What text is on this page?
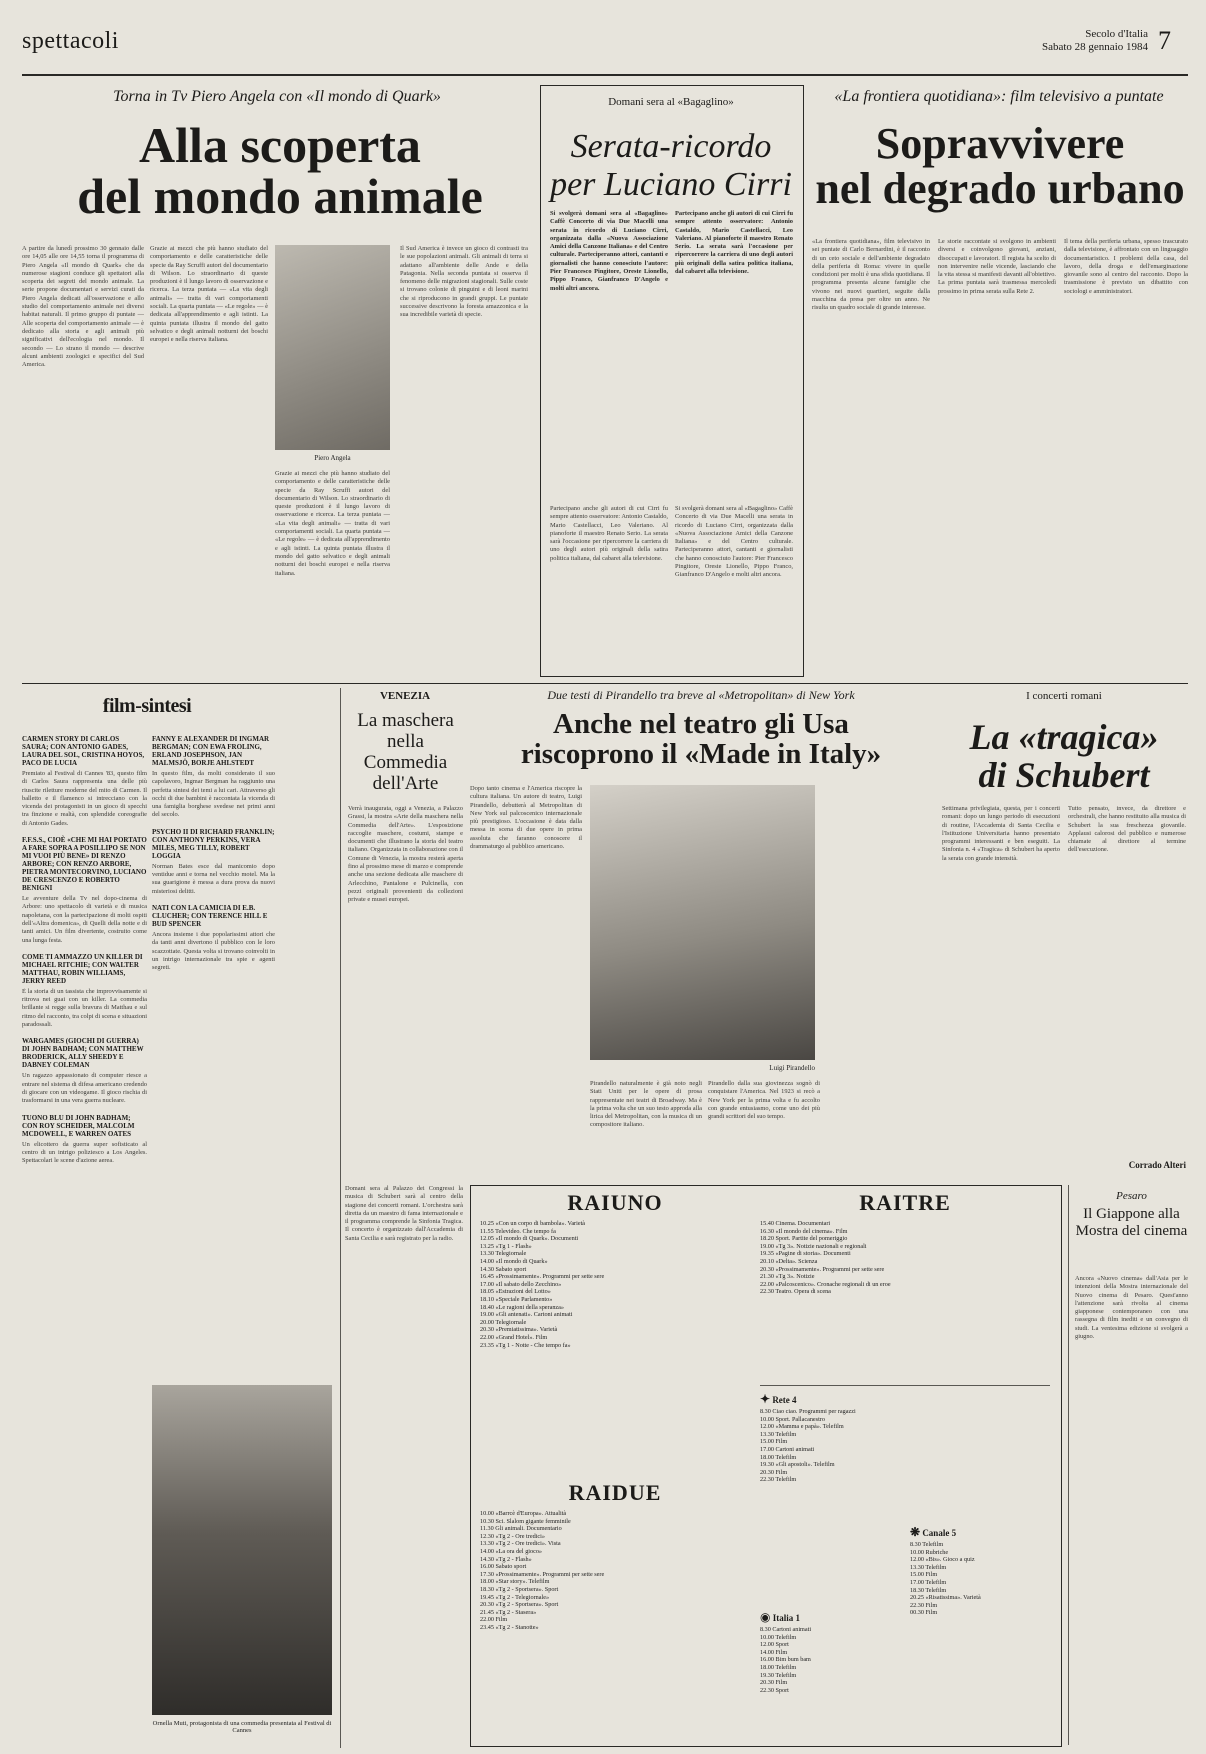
spettacoli	Secolo d'Italia
Sabato 28 gennaio 1984 7
Torna in Tv Piero Angela con «Il mondo di Quark»
Alla scoperta
del mondo animale
A partire da lunedì prossimo 30 gennaio dalle ore 14,05 alle ore 14,55 torna il programma di Piero Angela «Il mondo di Quark» che da numerose stagioni conduce gli spettatori alla scoperta dei segreti del mondo animale. La serie propone documentari e servizi curati da Piero Angela dedicati all'osservazione e allo studio del comportamento animale nei diversi habitat naturali. Il primo gruppo di puntate — Alle scoperta del comportamento animale — è dedicato alla storia e agli animali più significativi dell'ecologia nel mondo. Il secondo — Lo strano il mondo — descrive alcuni ambienti zoologici e specifici del Sud America.
Grazie ai mezzi che più hanno studiato del comportamento e delle caratteristiche delle specie da Ray Scruffi autori del documentario di Wilson. Lo straordinario di queste produzioni è il lungo lavoro di osservazione e ricerca. La terza puntata — «La vita degli animali» — tratta di vari comportamenti sociali. La quarta puntata — «Le regole» — è dedicata all'apprendimento e agli istinti. La quinta puntata illustra il mondo del gatto selvatico e degli animali notturni dei boschi europei e nella riserva italiana.
Piero Angela
Grazie ai mezzi che più hanno studiato del comportamento e delle caratteristiche delle specie da Ray Scruffi autori del documentario di Wilson. Lo straordinario di queste produzioni è il lungo lavoro di osservazione e ricerca. La terza puntata — «La vita degli animali» — tratta di vari comportamenti sociali. La quarta puntata — «Le regole» — è dedicata all'apprendimento e agli istinti. La quinta puntata illustra il mondo del gatto selvatico e degli animali notturni dei boschi europei e nella riserva italiana.
Il Sud America è invece un gioco di contrasti tra le sue popolazioni animali. Gli animali di terra si adattano all'ambiente delle Ande e della Patagonia. Nella seconda puntata si osserva il fenomeno delle migrazioni stagionali. Sulle coste si trovano colonie di pinguini e di leoni marini che si riproducono in grandi gruppi. Le puntate successive descrivono la foresta amazzonica e la sua incredibile varietà di specie.
Domani sera al «Bagaglino»
Serata-ricordo
per Luciano Cirri
Si svolgerà domani sera al «Bagaglino» Caffè Concerto di via Due Macelli una serata in ricordo di Luciano Cirri, organizzata dalla «Nuova Associazione Amici della Canzone Italiana» e del Centro culturale. Parteciperanno attori, cantanti e giornalisti che hanno conosciuto l'autore: Pier Francesco Pingitore, Oreste Lionello, Pippo Franco, Gianfranco D'Angelo e molti altri ancora.
Partecipano anche gli autori di cui Cirri fu sempre attento osservatore: Antonio Castaldo, Mario Castellacci, Leo Valeriano. Al pianoforte il maestro Renato Serio. La serata sarà l'occasione per ripercorrere la carriera di uno degli autori più originali della satira politica italiana, dal cabaret alla televisione.
Partecipano anche gli autori di cui Cirri fu sempre attento osservatore: Antonio Castaldo, Mario Castellacci, Leo Valeriano. Al pianoforte il maestro Renato Serio. La serata sarà l'occasione per ripercorrere la carriera di uno degli autori più originali della satira politica italiana, dal cabaret alla televisione.
Si svolgerà domani sera al «Bagaglino» Caffè Concerto di via Due Macelli una serata in ricordo di Luciano Cirri, organizzata dalla «Nuova Associazione Amici della Canzone Italiana» e del Centro culturale. Parteciperanno attori, cantanti e giornalisti che hanno conosciuto l'autore: Pier Francesco Pingitore, Oreste Lionello, Pippo Franco, Gianfranco D'Angelo e molti altri ancora.
«La frontiera quotidiana»: film televisivo a puntate
Sopravvivere
nel degrado urbano
«La frontiera quotidiana», film televisivo in sei puntate di Carlo Bernardini, è il racconto di un ceto sociale e dell'ambiente degradato della periferia di Roma: vivere in quelle condizioni per molti è una sfida quotidiana. Il programma presenta alcune famiglie che vivono nei nuovi quartieri, seguite dalla macchina da presa per oltre un anno. Ne risulta un quadro sociale di grande interesse.
Le storie raccontate si svolgono in ambienti diversi e coinvolgono giovani, anziani, disoccupati e lavoratori. Il regista ha scelto di non intervenire nelle vicende, lasciando che la vita stessa si manifesti davanti all'obiettivo. La prima puntata sarà trasmessa mercoledì prossimo in prima serata sulla Rete 2.
Il tema della periferia urbana, spesso trascurato dalla televisione, è affrontato con un linguaggio documentaristico. I problemi della casa, del lavoro, della droga e dell'emarginazione giovanile sono al centro del racconto. Dopo la trasmissione è previsto un dibattito con sociologi e amministratori.
film-sintesi
CARMEN STORY DI CARLOS SAURA; CON ANTONIO GADES, LAURA DEL SOL, CRISTINA HOYOS, PACO DE LUCIA
Premiato al Festival di Cannes '83, questo film di Carlos Saura rappresenta una delle più riuscite riletture moderne del mito di Carmen. Il balletto e il flamenco si intrecciano con la vicenda dei protagonisti in un gioco di specchi tra finzione e realtà, con splendide coreografie di Antonio Gades.
F.F.S.S., CIOÈ «CHE MI HAI PORTATO A FARE SOPRA A POSILLIPO SE NON MI VUOI PIÙ BENE» DI RENZO ARBORE; CON RENZO ARBORE, PIETRA MONTECORVINO, LUCIANO DE CRESCENZO E ROBERTO BENIGNI
Le avventure della Tv nel dopo-cinema di Arbore: uno spettacolo di varietà e di musica napoletana, con la partecipazione di molti ospiti dell'«Altra domenica», di Quelli della notte e di tanti amici. Un film divertente, costruito come una lunga festa.
COME TI AMMAZZO UN KILLER DI MICHAEL RITCHIE; CON WALTER MATTHAU, ROBIN WILLIAMS, JERRY REED
È la storia di un tassista che improvvisamente si ritrova nei guai con un killer. La commedia brillante si regge sulla bravura di Matthau e sul ritmo del racconto, tra colpi di scena e situazioni paradossali.
WARGAMES (GIOCHI DI GUERRA) DI JOHN BADHAM; CON MATTHEW BRODERICK, ALLY SHEEDY E DABNEY COLEMAN
Un ragazzo appassionato di computer riesce a entrare nel sistema di difesa americano credendo di giocare con un videogame. Il gioco rischia di trasformarsi in una vera guerra nucleare.
TUONO BLU DI JOHN BADHAM; CON ROY SCHEIDER, MALCOLM MCDOWELL, E WARREN OATES
Un elicottero da guerra super sofisticato al centro di un intrigo poliziesco a Los Angeles. Spettacolari le scene d'azione aerea.
FANNY E ALEXANDER DI INGMAR BERGMAN; CON EWA FROLING, ERLAND JOSEPHSON, JAN MALMSJÖ, BORJE AHLSTEDT
In questo film, da molti considerato il suo capolavoro, Ingmar Bergman ha raggiunto una perfetta sintesi dei temi a lui cari. Attraverso gli occhi di due bambini è raccontata la vicenda di una famiglia borghese svedese nei primi anni del secolo.
PSYCHO II DI RICHARD FRANKLIN; CON ANTHONY PERKINS, VERA MILES, MEG TILLY, ROBERT LOGGIA
Norman Bates esce dal manicomio dopo ventidue anni e torna nel vecchio motel. Ma la sua guarigione è messa a dura prova da nuovi misteriosi delitti.
NATI CON LA CAMICIA DI E.B. CLUCHER; CON TERENCE HILL E BUD SPENCER
Ancora insieme i due popolarissimi attori che da tanti anni divertono il pubblico con le loro scazzottate. Questa volta si trovano coinvolti in un intrigo internazionale tra spie e agenti segreti.
Ornella Muti, protagonista di una commedia presentata al Festival di Cannes
VENEZIA
La maschera nella Commedia dell'Arte
Verrà inaugurata, oggi a Venezia, a Palazzo Grassi, la mostra «Arte della maschera nella Commedia dell'Arte». L'esposizione raccoglie maschere, costumi, stampe e documenti che illustrano la storia del teatro italiano. Organizzata in collaborazione con il Comune di Venezia, la mostra resterà aperta fino al prossimo mese di marzo e comprende anche una sezione dedicata alle maschere di Arlecchino, Pantalone e Pulcinella, con pezzi originali provenienti da collezioni private e musei europei.
Due testi di Pirandello tra breve al «Metropolitan» di New York
Anche nel teatro gli Usa
riscoprono il «Made in Italy»
Dopo tanto cinema e l'America riscopre la cultura italiana. Un autore di teatro, Luigi Pirandello, debutterà al Metropolitan di New York sul palcoscenico internazionale più prestigioso. L'occasione è data dalla messa in scena di due opere in prima assoluta che faranno conoscere il drammaturgo al pubblico americano.
Luigi Pirandello
Pirandello naturalmente è già noto negli Stati Uniti per le opere di prosa rappresentate nei teatri di Broadway. Ma è la prima volta che un suo testo approda alla lirica del Metropolitan, con la musica di un compositore italiano.
Pirandello dalla sua giovinezza sognò di conquistare l'America. Nel 1923 si recò a New York per la prima volta e fu accolto con grande entusiasmo, come uno dei più grandi scrittori del suo tempo.
I concerti romani
La «tragica»
di Schubert
Settimana privilegiata, questa, per i concerti romani: dopo un lungo periodo di esecuzioni di routine, l'Accademia di Santa Cecilia e l'Istituzione Universitaria hanno presentato programmi interessanti e ben eseguiti. La Sinfonia n. 4 «Tragica» di Schubert ha aperto la serata con grande intensità.
Tutto pensato, invece, da direttore e orchestrali, che hanno restituito alla musica di Schubert la sua freschezza giovanile. Applausi calorosi del pubblico e numerose chiamate al direttore al termine dell'esecuzione.
Corrado Alteri
RAIUNO	RAITRE
10.25 «Con un corpo di bambola». Varietà
11.55 Televideo. Che tempo fa
12.05 «Il mondo di Quark». Documenti
13.25 «Tg 1 - Flash»
13.30 Telegiornale
14.00 «Il mondo di Quark»
14.30 Sabato sport
16.45 «Prossimamente». Programmi per sette sere
17.00 «Il sabato dello Zecchino»
18.05 «Estrazioni del Lotto»
18.10 «Speciale Parlamento»
18.40 «Le ragioni della speranza»
19.00 «Gli antenati». Cartoni animati
20.00 Telegiornale
20.30 «Premiatissima». Varietà
22.00 «Grand Hotel». Film
23.35 «Tg 1 - Notte - Che tempo fa»
15.40 Cinema. Documentari
16.30 «Il mondo del cinema». Film
18.20 Sport. Partite del pomeriggio
19.00 «Tg 3». Notizie nazionali e regionali
19.35 «Pagine di storia». Documenti
20.10 «Delta». Scienza
20.30 «Prossimamente». Programmi per sette sere
21.30 «Tg 3». Notizie
22.00 «Palcoscenico». Cronache regionali di un eroe
22.30 Teatro. Opera di scena
RAIDUE
10.00 «Barrcè d'Europa». Attualità
10.30 Sci. Slalom gigante femminile
11.30 Gli animali. Documentario
12.30 «Tg 2 - Ore tredici»
13.30 «Tg 2 - Ore tredici». Vista
14.00 «La ora del gioco»
14.30 «Tg 2 - Flash»
16.00 Sabato sport
17.30 «Prossimamente». Programmi per sette sere
18.00 «Star story». Telefilm
18.30 «Tg 2 - Sportsera». Sport
19.45 «Tg 2 - Telegiornale»
20.30 «Tg 2 - Sportsera». Sport
21.45 «Tg 2 - Stasera»
22.00 Film
23.45 «Tg 2 - Stanotte»
✦ Rete 4
8.30 Ciao ciao. Programmi per ragazzi
10.00 Sport. Pallacanestro
12.00 «Mamma e papà». Telefilm
13.30 Telefilm
15.00 Film
17.00 Cartoni animati
18.00 Telefilm
19.30 «Gli apostoli». Telefilm
20.30 Film
22.30 Telefilm
❋ Canale 5
8.30 Telefilm
10.00 Rubriche
12.00 «Bis». Gioco a quiz
13.30 Telefilm
15.00 Film
17.00 Telefilm
18.30 Telefilm
20.25 «Risatissima». Varietà
22.30 Film
00.30 Film
◉ Italia 1
8.30 Cartoni animati
10.00 Telefilm
12.00 Sport
14.00 Film
16.00 Bim bum bam
18.00 Telefilm
19.30 Telefilm
20.30 Film
22.30 Sport
Pesaro
Il Giappone alla Mostra del cinema
Ancora «Nuovo cinema» dall'Asia per le intenzioni della Mostra internazionale del Nuovo cinema di Pesaro. Quest'anno l'attenzione sarà rivolta al cinema giapponese contemporaneo con una rassegna di film inediti e un convegno di studi. La ventesima edizione si svolgerà a giugno.
Domani sera al Palazzo dei Congressi la musica di Schubert sarà al centro della stagione dei concerti romani. L'orchestra sarà diretta da un maestro di fama internazionale e il programma comprende la Sinfonia Tragica. Il concerto è organizzato dall'Accademia di Santa Cecilia e sarà registrato per la radio.
